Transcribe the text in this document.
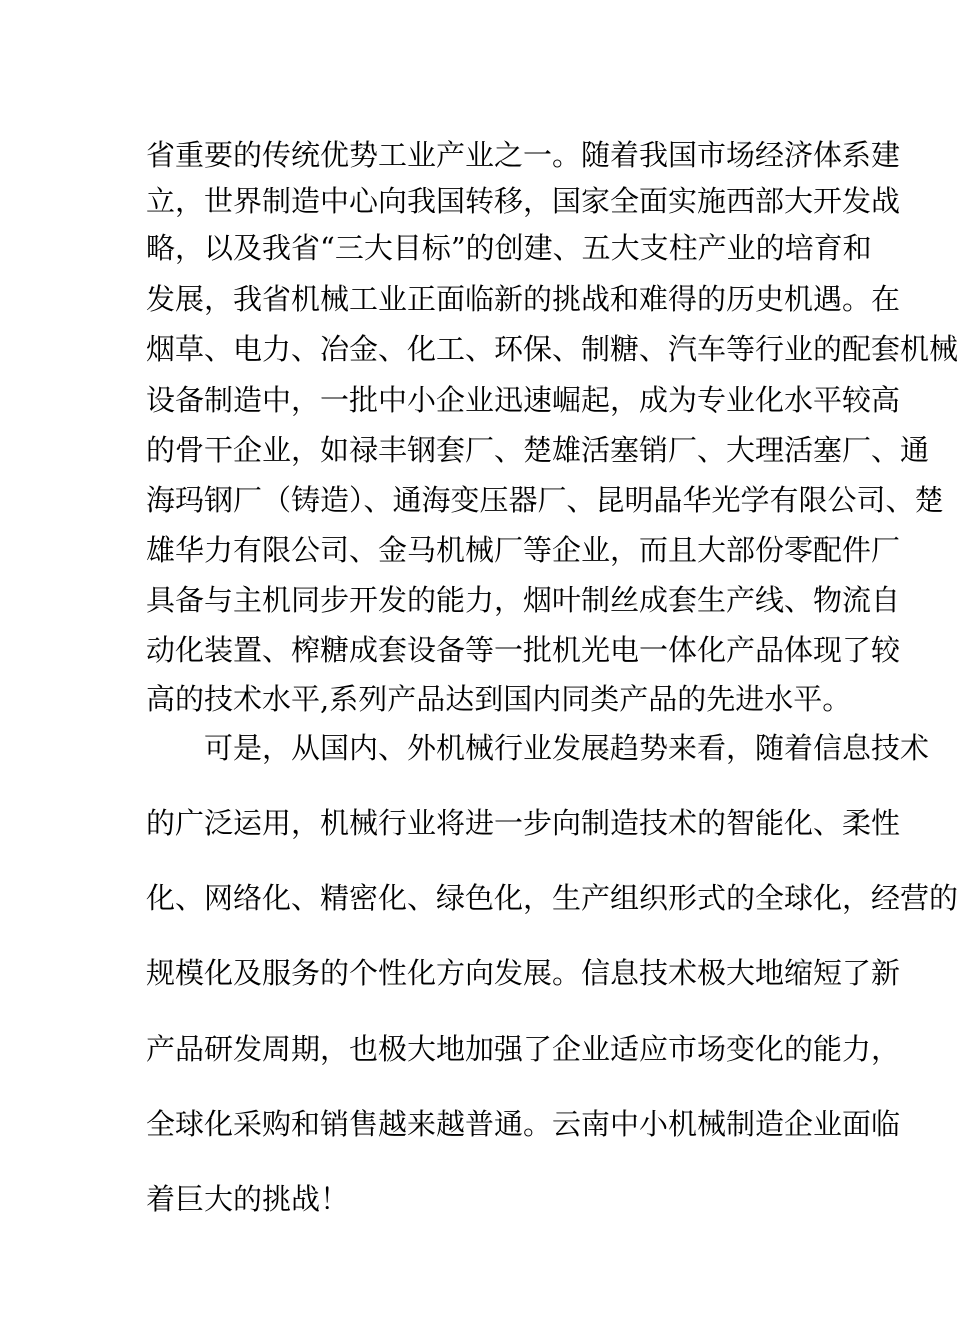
省重要的传统优势工业产业之一。随着我国市场经济体系建
立，世界制造中心向我国转移，国家全面实施西部大开发战
略，以及我省“三大目标”的创建、五大支柱产业的培育和
发展，我省机械工业正面临新的挑战和难得的历史机遇。在
烟草、电力、冶金、化工、环保、制糖、汽车等行业的配套机械
设备制造中，一批中小企业迅速崛起，成为专业化水平较高
的骨干企业，如禄丰钢套厂、楚雄活塞销厂、大理活塞厂、通
海玛钢厂（铸造）、通海变压器厂、昆明晶华光学有限公司、楚
雄华力有限公司、金马机械厂等企业，而且大部份零配件厂
具备与主机同步开发的能力，烟叶制丝成套生产线、物流自
动化装置、榨糖成套设备等一批机光电一体化产品体现了较
高的技术水平,系列产品达到国内同类产品的先进水平。
可是，从国内、外机械行业发展趋势来看，随着信息技术
的广泛运用，机械行业将进一步向制造技术的智能化、柔性
化、网络化、精密化、绿色化，生产组织形式的全球化，经营的
规模化及服务的个性化方向发展。信息技术极大地缩短了新
产品研发周期，也极大地加强了企业适应市场变化的能力，
全球化采购和销售越来越普通。云南中小机械制造企业面临
着巨大的挑战！
